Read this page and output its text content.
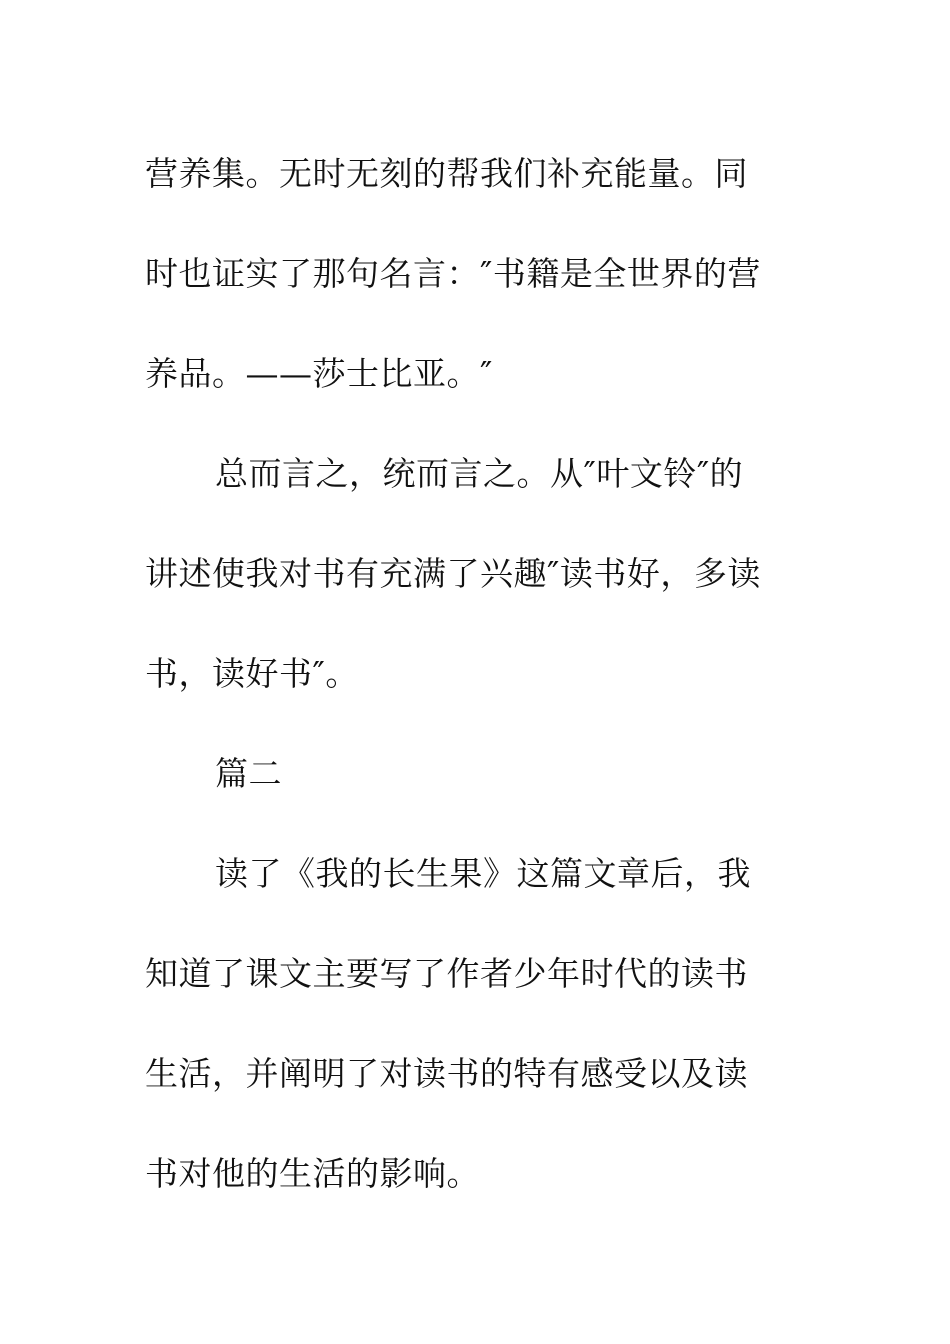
营养集。无时无刻的帮我们补充能量。同
时也证实了那句名言：″书籍是全世界的营
养品。——莎士比亚。″
总而言之，统而言之。从″叶文铃″的
讲述使我对书有充满了兴趣″读书好，多读
书，读好书″。
篇二
读了《我的长生果》这篇文章后，我
知道了课文主要写了作者少年时代的读书
生活，并阐明了对读书的特有感受以及读
书对他的生活的影响。
